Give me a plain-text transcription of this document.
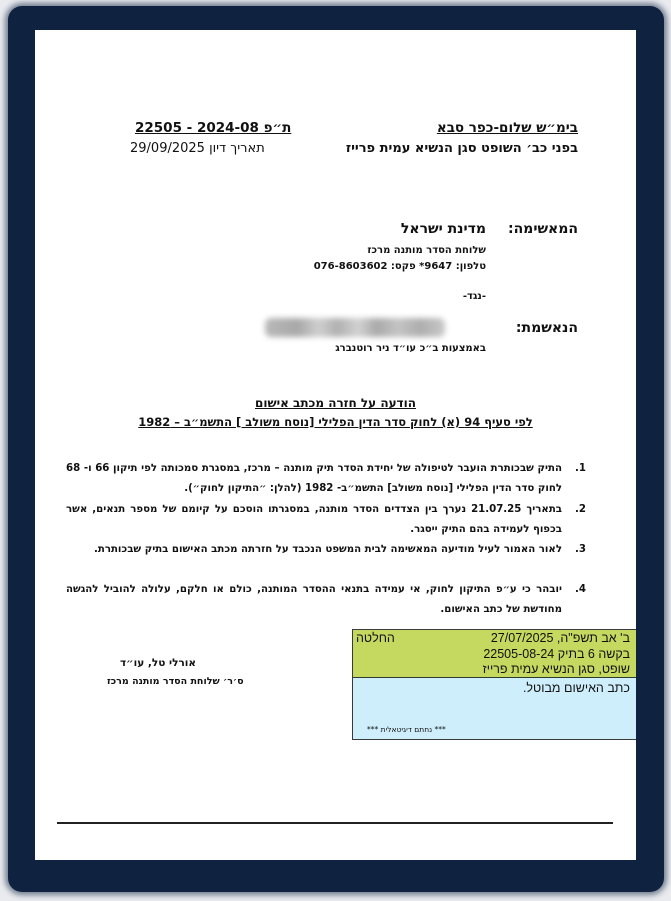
בימ״ש שלום-כפר סבא
בפני כב׳ השופט סגן הנשיא עמית פרייז
ת״פ 2024-08 - 22505
תאריך דיון 29/09/2025
המאשימה:
מדינת ישראל
שלוחת הסדר מותנה מרכז
טלפון: 9647* פקס: 076-8603602
-נגד-
הנאשמת:
באמצעות ב״כ עו״ד ניר רוטנברג
הודעה על חזרה מכתב אישום
לפי סעיף 94 (א) לחוק סדר הדין הפלילי [נוסח משולב ] התשמ״ב – 1982
1.
התיק שבכותרת הועבר לטיפולה של יחידת הסדר תיק מותנה – מרכז, במסגרת סמכותה לפי תיקון 66 ו- 68 לחוק סדר הדין הפלילי [נוסח משולב] התשמ״ב- 1982 (להלן: ״התיקון לחוק״).
2.
בתאריך 21.07.25 נערך בין הצדדים הסדר מותנה, במסגרתו הוסכם על קיומם של מספר תנאים, אשר בכפוף לעמידה בהם התיק ייסגר.
3.
לאור האמור לעיל מודיעה המאשימה לבית המשפט הנכבד על חזרתה מכתב האישום בתיק שבכותרת.
4.
יובהר כי ע״פ התיקון לחוק, אי עמידה בתנאי ההסדר המותנה, כולם או חלקם, עלולה להוביל להגשה מחודשת של כתב האישום.
אורלי טל, עו״ד
ס׳ר׳ שלוחת הסדר מותנה מרכז
ב' אב תשפ"ה, 27/07/2025
בקשה 6 בתיק 22505-08-24
שופט, סגן הנשיא עמית פרייז
החלטה
כתב האישום מבוטל.
*** נחתם דיגיטאלית ***
